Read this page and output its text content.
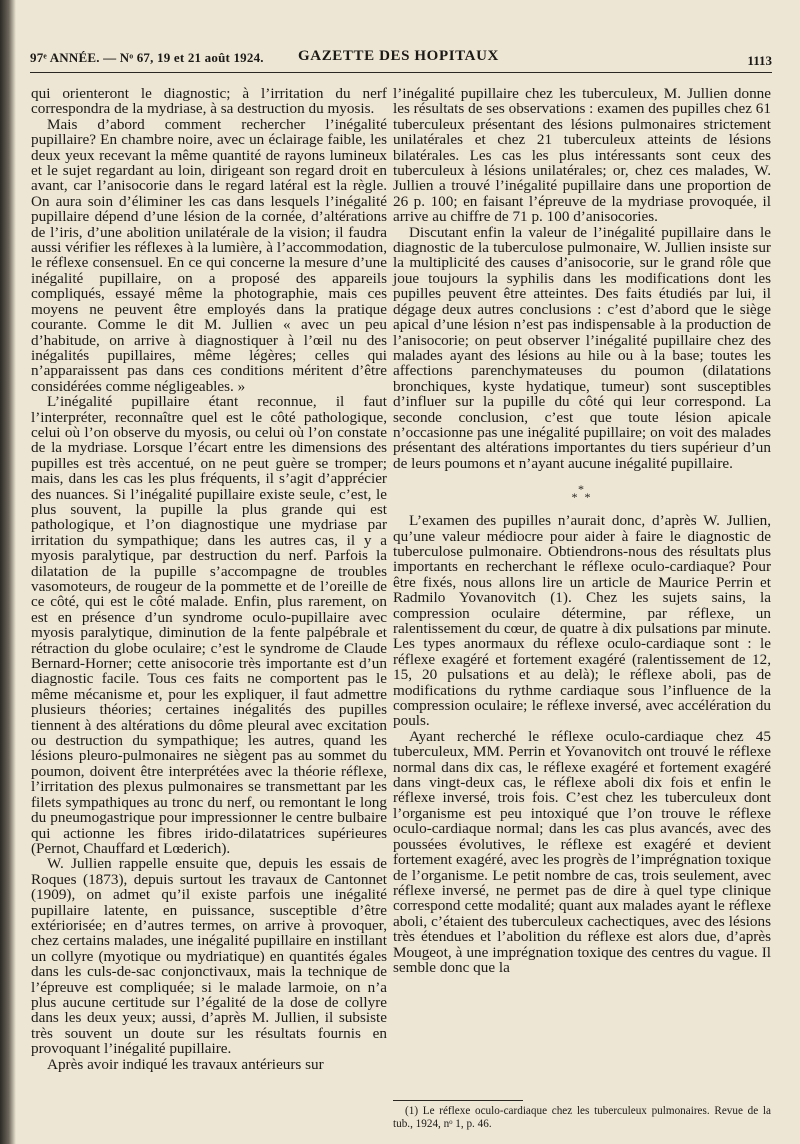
97ᵉ ANNÉE. — Nᵒ 67, 19 et 21 août 1924. GAZETTE DES HOPITAUX	1113

qui orienteront le diagnostic; à l’irritation du nerf correspondra de la mydriase, à sa destruction du myosis.

Mais d’abord comment rechercher l’inégalité pupillaire? En chambre noire, avec un éclairage faible, les deux yeux recevant la même quantité de rayons lumineux et le sujet regardant au loin, dirigeant son regard droit en avant, car l’anisocorie dans le regard latéral est la règle. On aura soin d’éliminer les cas dans lesquels l’inégalité pupillaire dépend d’une lésion de la cornée, d’altérations de l’iris, d’une abolition unilatérale de la vision; il faudra aussi vérifier les réflexes à la lumière, à l’accommodation, le réflexe consensuel. En ce qui concerne la mesure d’une inégalité pupillaire, on a proposé des appareils compliqués, essayé même la photographie, mais ces moyens ne peuvent être employés dans la pratique courante. Comme le dit M. Jullien « avec un peu d’habitude, on arrive à diagnostiquer à l’œil nu des inégalités pupillaires, même légères; celles qui n’apparaissent pas dans ces conditions méritent d’être considérées comme négligeables. »

L’inégalité pupillaire étant reconnue, il faut l’interpréter, reconnaître quel est le côté pathologique, celui où l’on observe du myosis, ou celui où l’on constate de la mydriase. Lorsque l’écart entre les dimensions des pupilles est très accentué, on ne peut guère se tromper; mais, dans les cas les plus fréquents, il s’agit d’apprécier des nuances. Si l’inégalité pupillaire existe seule, c’est, le plus souvent, la pupille la plus grande qui est pathologique, et l’on diagnostique une mydriase par irritation du sympathique; dans les autres cas, il y a myosis paralytique, par destruction du nerf. Parfois la dilatation de la pupille s’accompagne de troubles vasomoteurs, de rougeur de la pommette et de l’oreille de ce côté, qui est le côté malade. Enfin, plus rarement, on est en présence d’un syndrome oculo-pupillaire avec myosis paralytique, diminution de la fente palpébrale et rétraction du globe oculaire; c’est le syndrome de Claude Bernard-Horner; cette anisocorie très importante est d’un diagnostic facile. Tous ces faits ne comportent pas le même mécanisme et, pour les expliquer, il faut admettre plusieurs théories; certaines inégalités des pupilles tiennent à des altérations du dôme pleural avec excitation ou destruction du sympathique; les autres, quand les lésions pleuro-pulmonaires ne siègent pas au sommet du poumon, doivent être interprétées avec la théorie réflexe, l’irritation des plexus pulmonaires se transmettant par les filets sympathiques au tronc du nerf, ou remontant le long du pneumogastrique pour impressionner le centre bulbaire qui actionne les fibres irido-dilatatrices supérieures (Pernot, Chauffard et Lœderich).

W. Jullien rappelle ensuite que, depuis les essais de Roques (1873), depuis surtout les travaux de Cantonnet (1909), on admet qu’il existe parfois une inégalité pupillaire latente, en puissance, susceptible d’être extériorisée; en d’autres termes, on arrive à provoquer, chez certains malades, une inégalité pupillaire en instillant un collyre (myotique ou mydriatique) en quantités égales dans les culs-de-sac conjonctivaux, mais la technique de l’épreuve est compliquée; si le malade larmoie, on n’a plus aucune certitude sur l’égalité de la dose de collyre dans les deux yeux; aussi, d’après M. Jullien, il subsiste très souvent un doute sur les résultats fournis en provoquant l’inégalité pupillaire.

Après avoir indiqué les travaux antérieurs sur

l’inégalité pupillaire chez les tuberculeux, M. Jullien donne les résultats de ses observations : examen des pupilles chez 61 tuberculeux présentant des lésions pulmonaires strictement unilatérales et chez 21 tuberculeux atteints de lésions bilatérales. Les cas les plus intéressants sont ceux des tuberculeux à lésions unilatérales; or, chez ces malades, W. Jullien a trouvé l’inégalité pupillaire dans une proportion de 26 p. 100; en faisant l’épreuve de la mydriase provoquée, il arrive au chiffre de 71 p. 100 d’anisocories.

Discutant enfin la valeur de l’inégalité pupillaire dans le diagnostic de la tuberculose pulmonaire, W. Jullien insiste sur la multiplicité des causes d’anisocorie, sur le grand rôle que joue toujours la syphilis dans les modifications dont les pupilles peuvent être atteintes. Des faits étudiés par lui, il dégage deux autres conclusions : c’est d’abord que le siège apical d’une lésion n’est pas indispensable à la production de l’anisocorie; on peut observer l’inégalité pupillaire chez des malades ayant des lésions au hile ou à la base; toutes les affections parenchymateuses du poumon (dilatations bronchiques, kyste hydatique, tumeur) sont susceptibles d’influer sur la pupille du côté qui leur correspond. La seconde conclusion, c’est que toute lésion apicale n’occasionne pas une inégalité pupillaire; on voit des malades présentant des altérations importantes du tiers supérieur d’un de leurs poumons et n’ayant aucune inégalité pupillaire.

*
* *

L’examen des pupilles n’aurait donc, d’après W. Jullien, qu’une valeur médiocre pour aider à faire le diagnostic de tuberculose pulmonaire. Obtiendrons-nous des résultats plus importants en recherchant le réflexe oculo-cardiaque? Pour être fixés, nous allons lire un article de Maurice Perrin et Radmilo Yovanovitch (1). Chez les sujets sains, la compression oculaire détermine, par réflexe, un ralentissement du cœur, de quatre à dix pulsations par minute. Les types anormaux du réflexe oculo-cardiaque sont : le réflexe exagéré et fortement exagéré (ralentissement de 12, 15, 20 pulsations et au delà); le réflexe aboli, pas de modifications du rythme cardiaque sous l’influence de la compression oculaire; le réflexe inversé, avec accélération du pouls.

Ayant recherché le réflexe oculo-cardiaque chez 45 tuberculeux, MM. Perrin et Yovanovitch ont trouvé le réflexe normal dans dix cas, le réflexe exagéré et fortement exagéré dans vingt-deux cas, le réflexe aboli dix fois et enfin le réflexe inversé, trois fois. C’est chez les tuberculeux dont l’organisme est peu intoxiqué que l’on trouve le réflexe oculo-cardiaque normal; dans les cas plus avancés, avec des poussées évolutives, le réflexe est exagéré et devient fortement exagéré, avec les progrès de l’imprégnation toxique de l’organisme. Le petit nombre de cas, trois seulement, avec réflexe inversé, ne permet pas de dire à quel type clinique correspond cette modalité; quant aux malades ayant le réflexe aboli, c’étaient des tuberculeux cachectiques, avec des lésions très étendues et l’abolition du réflexe est alors due, d’après Mougeot, à une imprégnation toxique des centres du vague. Il semble donc que la

(1) Le réflexe oculo-cardiaque chez les tuberculeux pulmonaires. Revue de la tub., 1924, nᵒ 1, p. 46.
